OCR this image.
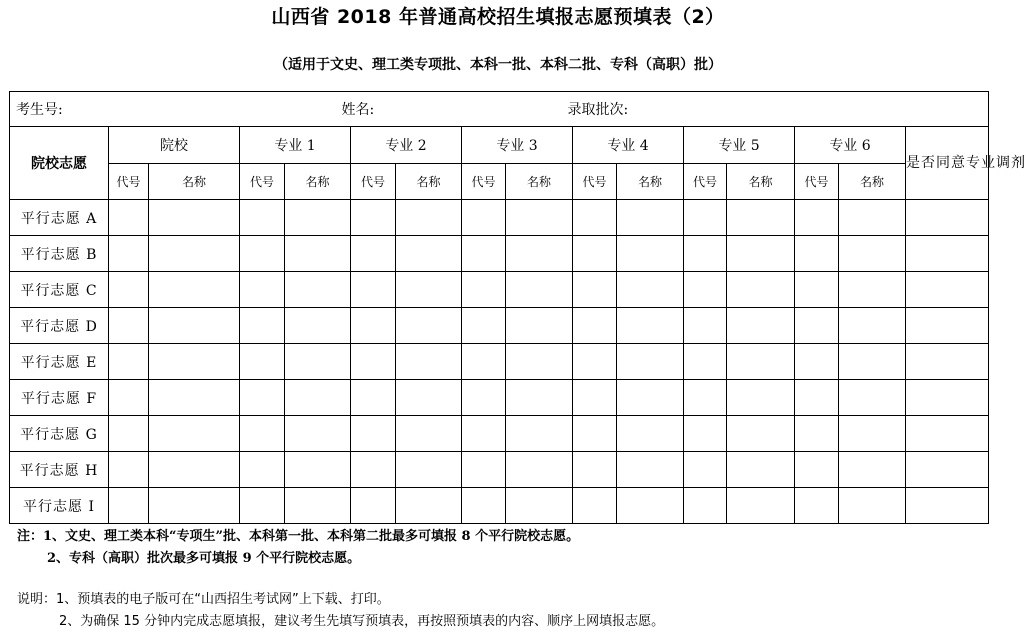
山西省 2018 年普通高校招生填报志愿预填表（2）
（适用于文史、理工类专项批、本科一批、本科二批、专科（高职）批）
考生号: 姓名: 录取批次:															

院校志愿	院校		专业 1		专业 2		专业 3		专业 4		专业 5		专业 6		是否同意专业调剂
	代号	名称	代号	名称	代号	名称	代号	名称	代号	名称	代号	名称	代号	名称	
平行志愿 A															
平行志愿 B															
平行志愿 C															
平行志愿 D															
平行志愿 E															
平行志愿 F															
平行志愿 G															
平行志愿 H															
平行志愿 I															
注：1、文史、理工类本科“专项生”批、本科第一批、本科第二批最多可填报 8 个平行院校志愿。
2、专科（高职）批次最多可填报 9 个平行院校志愿。
说明：1、预填表的电子版可在“山西招生考试网”上下载、打印。
2、为确保 15 分钟内完成志愿填报，建议考生先填写预填表，再按照预填表的内容、顺序上网填报志愿。
